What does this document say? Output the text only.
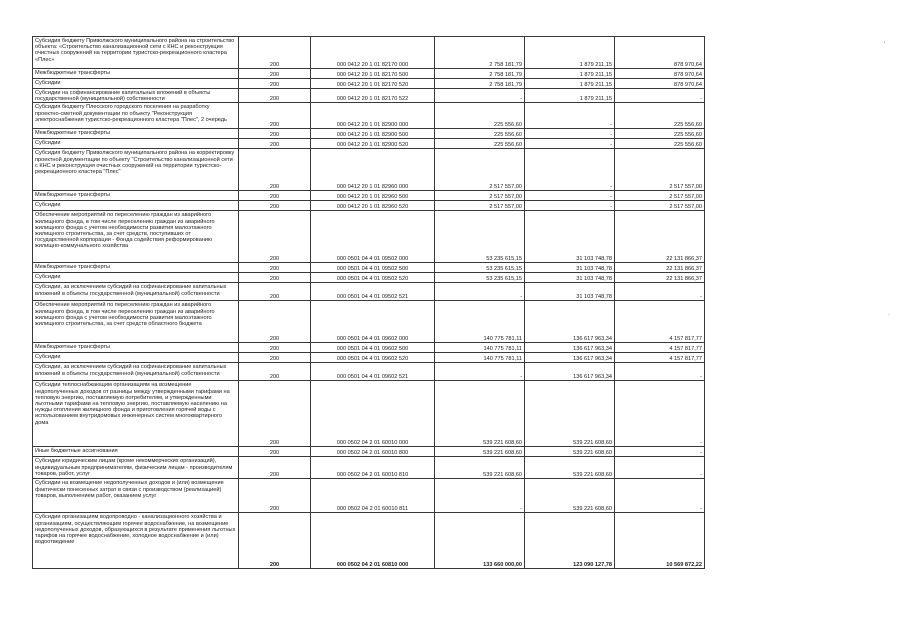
Субсидия бюджету Приволжского муниципального района на строительство объекта: «Строительство канализационной сети с КНС и реконструкция очистных сооружений на территории туристско-рекреационного кластера «Плес»	200	000 0412 20 1 01 82170 000	2 758 181,79	1 879 211,15	878 970,64
Межбюджетные трансферты	200	000 0412 20 1 01 82170 500	2 758 181,79	1 879 211,15	878 970,64
Субсидии	200	000 0412 20 1 01 82170 520	2 758 181,79	1 879 211,15	878 970,64
Субсидии на софинансирование капитальных вложений в объекты государственной (муниципальной) собственности	200	000 0412 20 1 01 82170 522	-	1 879 211,15	-
Субсидия бюджету Плесского городского поселения на разработку проектно-сметной документации по объекту "Реконструкция электроснабжения туристско-рекреационного кластера "Плес", 2 очередь	200	000 0412 20 1 01 82900 000	225 556,60	-	225 556,60
Межбюджетные трансферты	200	000 0412 20 1 01 82900 500	225 556,60	-	225 556,60
Субсидии	200	000 0412 20 1 01 82900 520	225 556,60	-	225 556,60
Субсидия бюджету Приволжского муниципального района на корректировку проектной документации по объекту "Строительство канализационной сети с КНС и реконструкция очистных сооружений на территории туристско-рекреационного кластера "Плес"	200	000 0412 20 1 01 82960 000	2 517 557,00	-	2 517 557,00
Межбюджетные трансферты	200	000 0412 20 1 01 82960 500	2 517 557,00	-	2 517 557,00
Субсидии	200	000 0412 20 1 01 82960 520	2 517 557,00	-	2 517 557,00
Обеспечение мероприятий по переселению граждан из аварийного жилищного фонда, в том числе переселению граждан из аварийного жилищного фонда с учетом необходимости развития малоэтажного жилищного строительства, за счет средств, поступивших от государственной корпорации - Фонда содействия реформированию жилищно-коммунального хозяйства	200	000 0501 04 4 01 09502 000	53 235 615,15	31 103 748,78	22 131 866,37
Межбюджетные трансферты	200	000 0501 04 4 01 09502 500	53 235 615,15	31 103 748,78	22 131 866,37
Субсидии	200	000 0501 04 4 01 09502 520	53 235 615,15	31 103 748,78	22 131 866,37
Субсидии, за исключением субсидий на софинансирование капитальных вложений в объекты государственной (муниципальной) собственности	200	000 0501 04 4 01 09502 521	-	31 103 748,78	-
Обеспечение мероприятий по переселению граждан из аварийного жилищного фонда, в том числе переселению граждан из аварийного жилищного фонда с учетом необходимости развития малоэтажного жилищного строительства, за счет средств областного бюджета	200	000 0501 04 4 01 09602 000	140 775 781,11	136 617 963,34	4 157 817,77
Межбюджетные трансферты	200	000 0501 04 4 01 09602 500	140 775 781,11	136 617 963,34	4 157 817,77
Субсидии	200	000 0501 04 4 01 09602 520	140 775 781,11	136 617 963,34	4 157 817,77
Субсидии, за исключением субсидий на софинансирование капитальных вложений в объекты государственной (муниципальной) собственности	200	000 0501 04 4 01 09602 521	-	136 617 963,34	-
Субсидии теплоснабжающим организациям на возмещение недополученных доходов от разницы между утвержденными тарифами на тепловую энергию, поставляемую потребителям, и утвержденными льготными тарифами на тепловую энергию, поставляемую населению на нужды отопления жилищного фонда и приготовления горячей воды с использованием внутридомовых инженерных систем многоквартирного дома	200	000 0502 04 2 01 60010 000	539 221 608,60	539 221 608,60	-
Иные бюджетные ассигнования	200	000 0502 04 2 01 60010 800	539 221 608,60	539 221 608,60	-
Субсидии юридическим лицам (кроме некоммерческих организаций), индивидуальным предпринимателям, физическим лицам - производителям товаров, работ, услуг	200	000 0502 04 2 01 60010 810	539 221 608,60	539 221 608,60	-
Субсидии на возмещение недополученных доходов и (или) возмещение фактически понесенных затрат в связи с производством (реализацией) товаров, выполнением работ, оказанием услуг	200	000 0502 04 2 01 60010 811	-	539 221 608,60	-
Субсидии организациям водопроводно - канализационного хозяйства и организациям, осуществляющим горячее водоснабжение, на возмещение недополученных доходов, образующихся в результате применения льготных тарифов на горячее водоснабжение, холодное водоснабжение и (или) водоотведение	200	000 0502 04 2 01 60810 000	133 660 000,00	123 090 127,78	10 569 872,22
'
·
